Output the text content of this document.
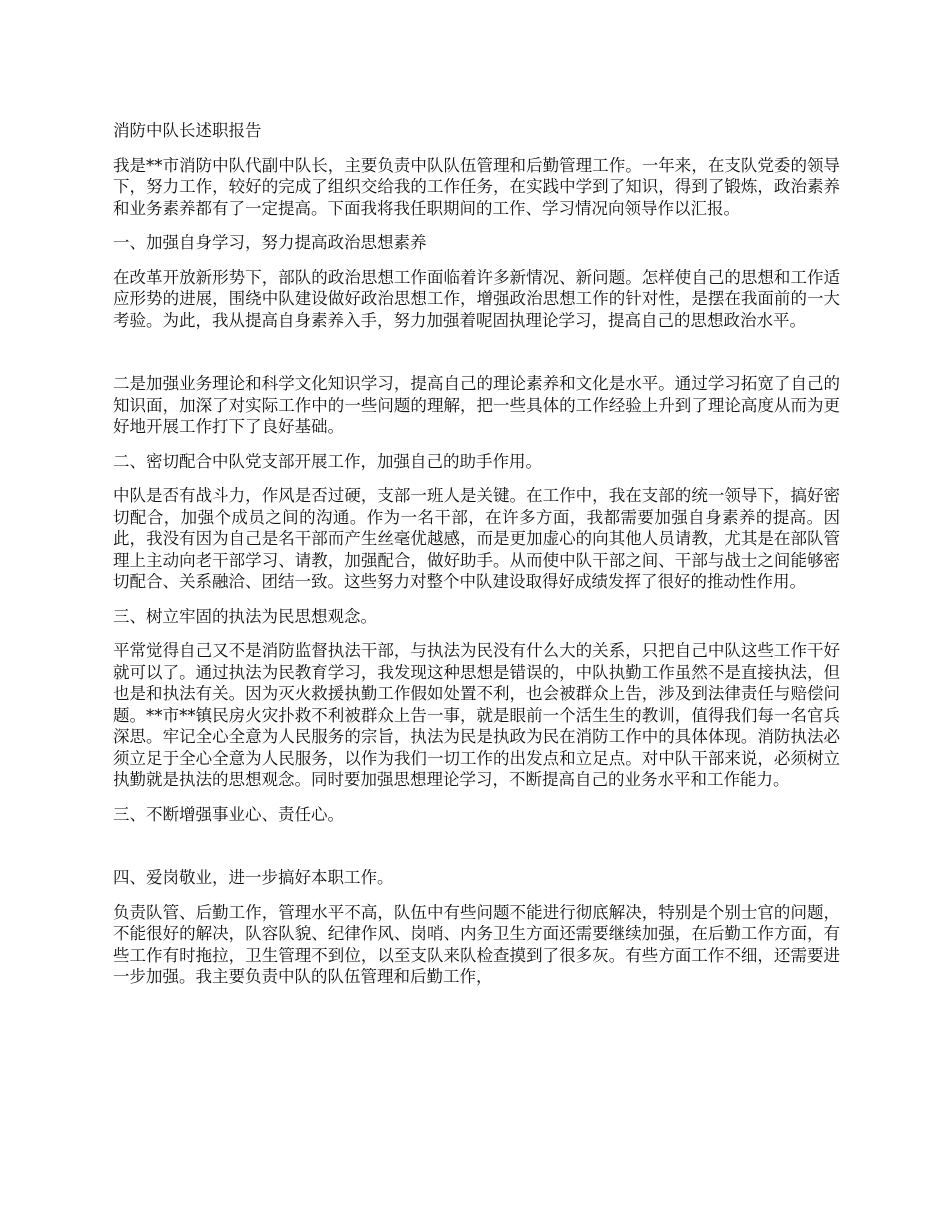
消防中队长述职报告

我是**市消防中队代副中队长，主要负责中队队伍管理和后勤管理工作。一年来，在支队党委的领导下，努力工作，较好的完成了组织交给我的工作任务，在实践中学到了知识，得到了锻炼，政治素养和业务素养都有了一定提高。下面我将我任职期间的工作、学习情况向领导作以汇报。

一、加强自身学习，努力提高政治思想素养

在改革开放新形势下，部队的政治思想工作面临着许多新情况、新问题。怎样使自己的思想和工作适应形势的进展，围绕中队建设做好政治思想工作，增强政治思想工作的针对性，是摆在我面前的一大考验。为此，我从提高自身素养入手，努力加强着呢固执理论学习，提高自己的思想政治水平。

二是加强业务理论和科学文化知识学习，提高自己的理论素养和文化是水平。通过学习拓宽了自己的知识面，加深了对实际工作中的一些问题的理解，把一些具体的工作经验上升到了理论高度从而为更好地开展工作打下了良好基础。

二、密切配合中队党支部开展工作，加强自己的助手作用。

中队是否有战斗力，作风是否过硬，支部一班人是关键。在工作中，我在支部的统一领导下，搞好密切配合，加强个成员之间的沟通。作为一名干部，在许多方面，我都需要加强自身素养的提高。因此，我没有因为自己是名干部而产生丝毫优越感，而是更加虚心的向其他人员请教，尤其是在部队管理上主动向老干部学习、请教，加强配合，做好助手。从而使中队干部之间、干部与战士之间能够密切配合、关系融洽、团结一致。这些努力对整个中队建设取得好成绩发挥了很好的推动性作用。

三、树立牢固的执法为民思想观念。

平常觉得自己又不是消防监督执法干部，与执法为民没有什么大的关系，只把自己中队这些工作干好就可以了。通过执法为民教育学习，我发现这种思想是错误的，中队执勤工作虽然不是直接执法，但也是和执法有关。因为灭火救援执勤工作假如处置不利，也会被群众上告，涉及到法律责任与赔偿问题。**市**镇民房火灾扑救不利被群众上告一事，就是眼前一个活生生的教训，值得我们每一名官兵深思。牢记全心全意为人民服务的宗旨，执法为民是执政为民在消防工作中的具体体现。消防执法必须立足于全心全意为人民服务，以作为我们一切工作的出发点和立足点。对中队干部来说，必须树立执勤就是执法的思想观念。同时要加强思想理论学习，不断提高自己的业务水平和工作能力。

三、不断增强事业心、责任心。

四、爱岗敬业，进一步搞好本职工作。

负责队管、后勤工作，管理水平不高，队伍中有些问题不能进行彻底解决，特别是个别士官的问题，不能很好的解决，队容队貌、纪律作风、岗哨、内务卫生方面还需要继续加强，在后勤工作方面，有些工作有时拖拉，卫生管理不到位，以至支队来队检查摸到了很多灰。有些方面工作不细，还需要进一步加强。我主要负责中队的队伍管理和后勤工作，
